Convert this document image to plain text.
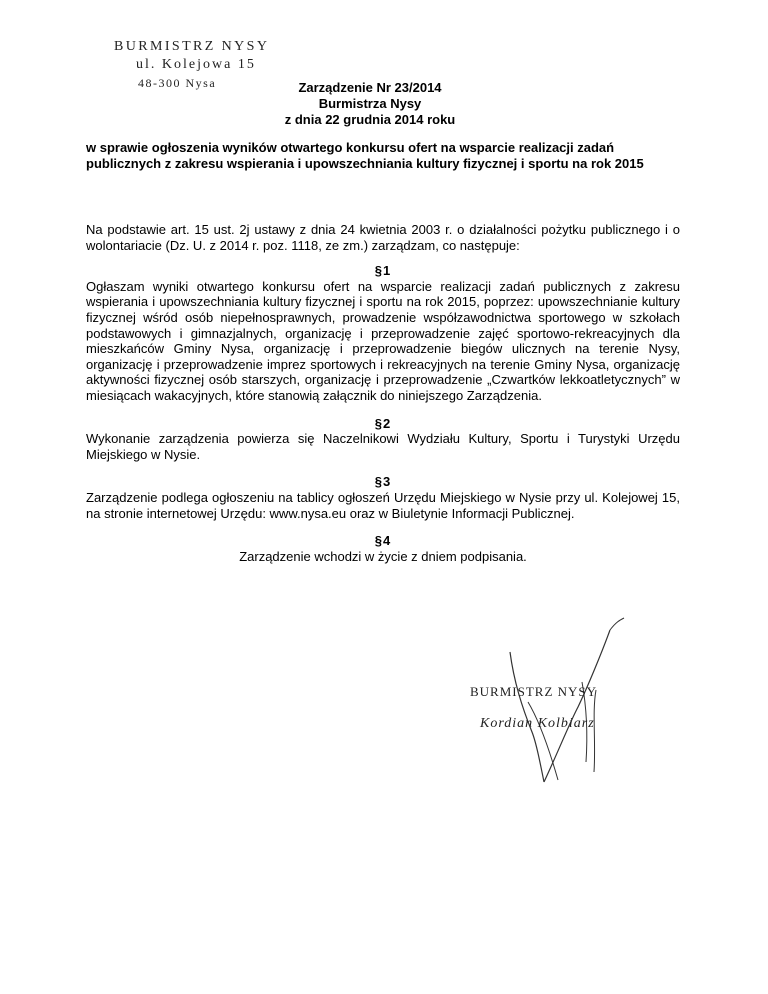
BURMISTRZ NYSY
ul. Kolejowa 15
48-300 Nysa	Zarządzenie Nr 23/2014
Burmistrza Nysy
z dnia 22 grudnia 2014 roku
w sprawie ogłoszenia wyników otwartego konkursu ofert na wsparcie realizacji zadań publicznych z zakresu wspierania i upowszechniania kultury fizycznej i sportu na rok 2015

Na podstawie art. 15 ust. 2j ustawy z dnia 24 kwietnia 2003 r. o działalności pożytku publicznego i o wolontariacie (Dz. U. z 2014 r. poz. 1118, ze zm.) zarządzam, co następuje:

§1

Ogłaszam wyniki otwartego konkursu ofert na wsparcie realizacji zadań publicznych z zakresu wspierania i upowszechniania kultury fizycznej i sportu na rok 2015, poprzez: upowszechnianie kultury fizycznej wśród osób niepełnosprawnych, prowadzenie współzawodnictwa sportowego w szkołach podstawowych i gimnazjalnych, organizację i przeprowadzenie zajęć sportowo-rekreacyjnych dla mieszkańców Gminy Nysa, organizację i przeprowadzenie biegów ulicznych na terenie Nysy, organizację i przeprowadzenie imprez sportowych i rekreacyjnych na terenie Gminy Nysa, organizację aktywności fizycznej osób starszych, organizację i przeprowadzenie „Czwartków lekkoatletycznych” w miesiącach wakacyjnych, które stanowią załącznik do niniejszego Zarządzenia.

§2

Wykonanie zarządzenia powierza się Naczelnikowi Wydziału Kultury, Sportu i Turystyki Urzędu Miejskiego w Nysie.

§3

Zarządzenie podlega ogłoszeniu na tablicy ogłoszeń Urzędu Miejskiego w Nysie przy ul. Kolejowej 15, na stronie internetowej Urzędu: www.nysa.eu oraz w Biuletynie Informacji Publicznej.

§4

Zarządzenie wchodzi w życie z dniem podpisania.

BURMISTRZ NYSY
Kordian Kolbiarz
